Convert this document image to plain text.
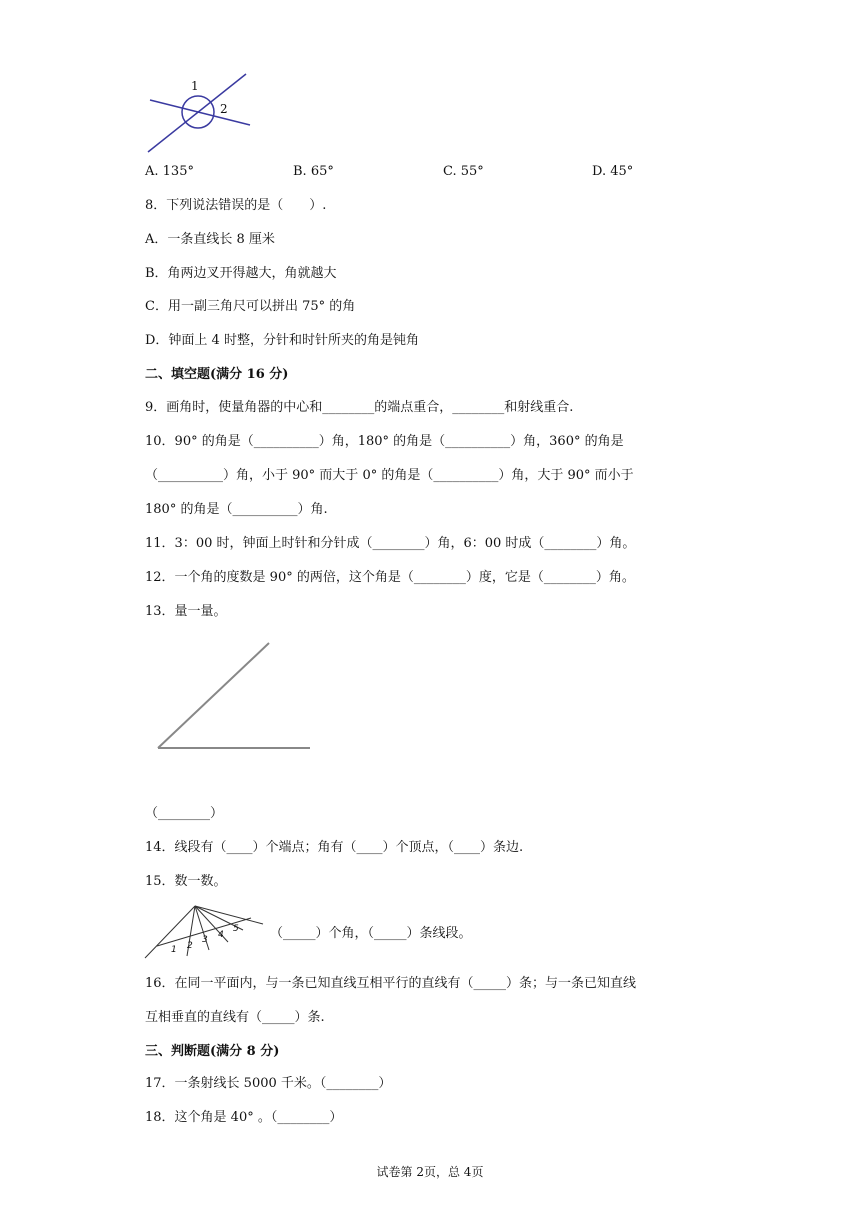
1
2
A. 135°	B. 65°	C. 55°	D. 45°
8．下列说法错误的是（　　）.
A．一条直线长 8 厘米
B．角两边叉开得越大，角就越大
C．用一副三角尺可以拼出 75° 的角
D．钟面上 4 时整，分针和时针所夹的角是钝角
二、填空题(满分 16 分)
9．画角时，使量角器的中心和________的端点重合，________和射线重合.
10．90° 的角是（__________）角，180° 的角是（__________）角，360° 的角是
（__________）角，小于 90° 而大于 0° 的角是（__________）角，大于 90° 而小于
180° 的角是（__________）角.
11．3：00 时，钟面上时针和分针成（________）角，6：00 时成（________）角。
12．一个角的度数是 90° 的两倍，这个角是（________）度，它是（________）角。
13．量一量。
（________）
14．线段有（____）个端点；角有（____）个顶点，（____）条边.
15．数一数。
1 2
3 4
5 （_____）个角，（_____）条线段。
16．在同一平面内，与一条已知直线互相平行的直线有（_____）条；与一条已知直线
互相垂直的直线有（_____）条.
三、判断题(满分 8 分)
17．一条射线长 5000 千米。（________）
18．这个角是 40° 。（________）
试卷第 2页，总 4页
